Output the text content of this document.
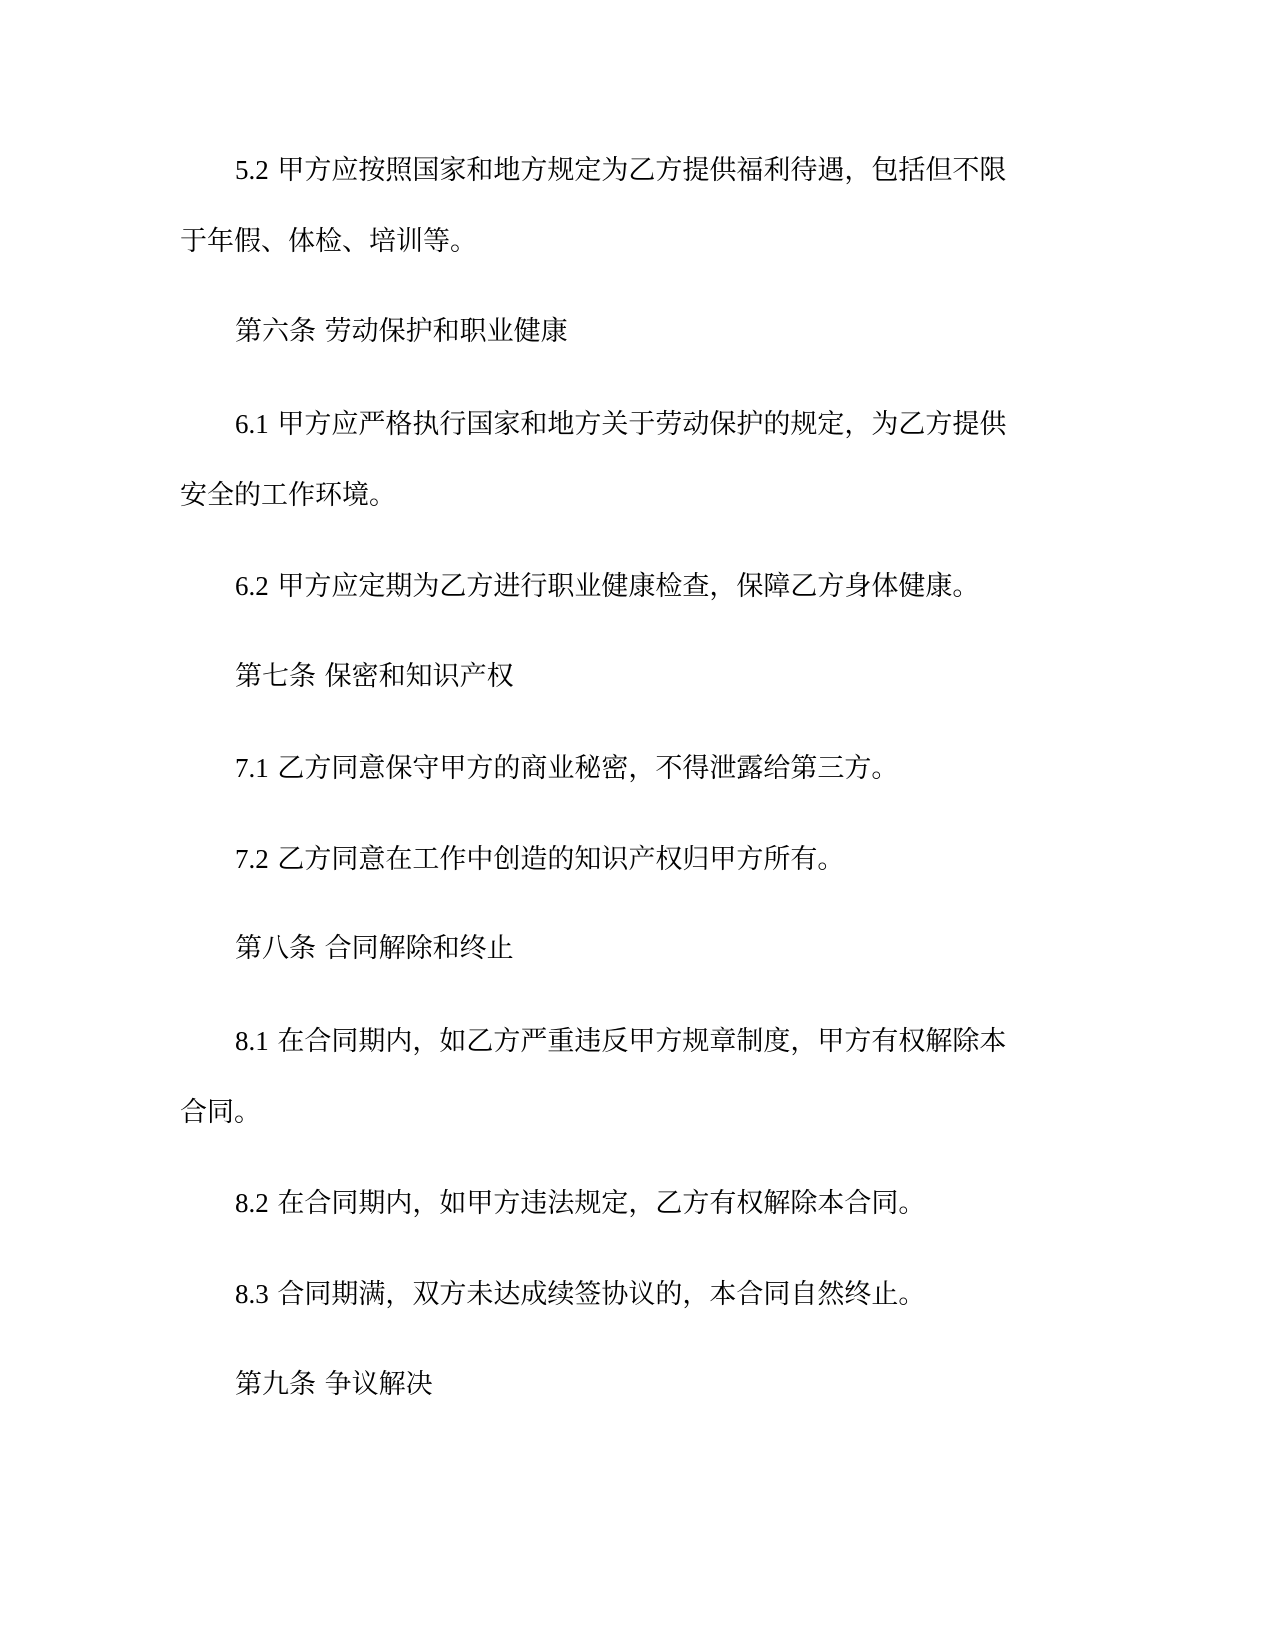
5.2 甲方应按照国家和地方规定为乙方提供福利待遇，包括但不限
于年假、体检、培训等。
第六条 劳动保护和职业健康
6.1 甲方应严格执行国家和地方关于劳动保护的规定，为乙方提供
安全的工作环境。
6.2 甲方应定期为乙方进行职业健康检查，保障乙方身体健康。
第七条 保密和知识产权
7.1 乙方同意保守甲方的商业秘密，不得泄露给第三方。
7.2 乙方同意在工作中创造的知识产权归甲方所有。
第八条 合同解除和终止
8.1 在合同期内，如乙方严重违反甲方规章制度，甲方有权解除本
合同。
8.2 在合同期内，如甲方违法规定，乙方有权解除本合同。
8.3 合同期满，双方未达成续签协议的，本合同自然终止。
第九条 争议解决
